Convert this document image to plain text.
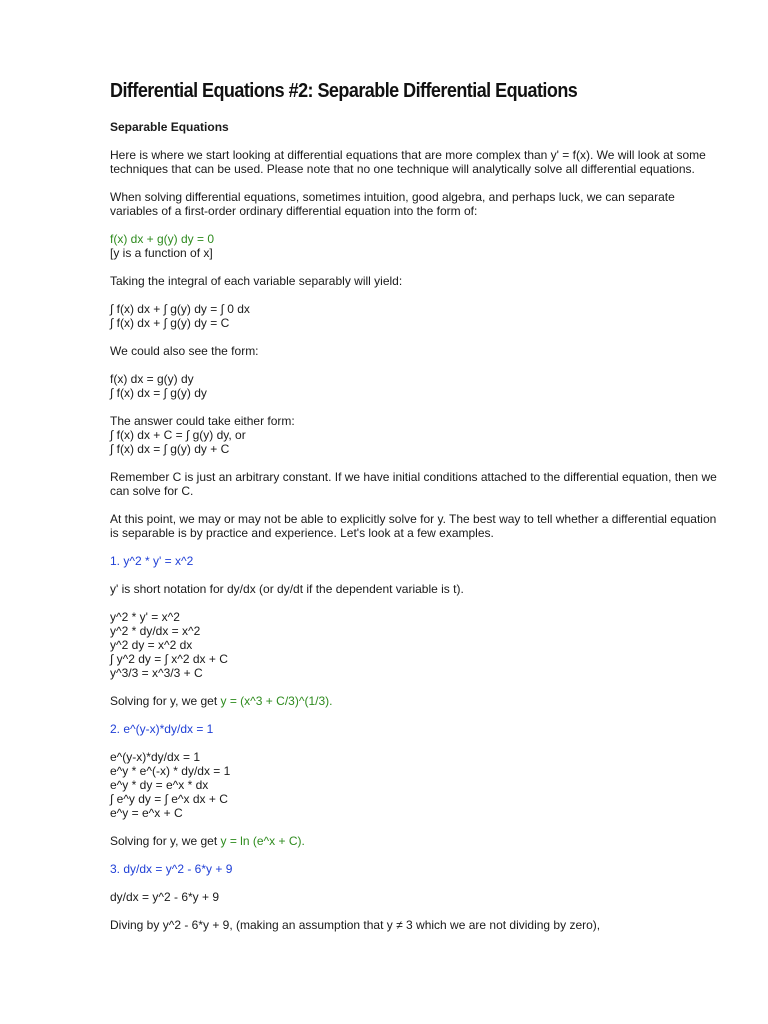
Differential Equations #2: Separable Differential Equations
Separable Equations

Here is where we start looking at differential equations that are more complex than y' = f(x). We will look at some techniques that can be used. Please note that no one technique will analytically solve all differential equations.

When solving differential equations, sometimes intuition, good algebra, and perhaps luck, we can separate variables of a first-order ordinary differential equation into the form of:

f(x) dx + g(y) dy = 0
[y is a function of x]

Taking the integral of each variable separably will yield:

∫ f(x) dx + ∫ g(y) dy = ∫ 0 dx
∫ f(x) dx + ∫ g(y) dy = C

We could also see the form:

f(x) dx = g(y) dy
∫ f(x) dx = ∫ g(y) dy
The answer could take either form:
∫ f(x) dx + C = ∫ g(y) dy, or
∫ f(x) dx = ∫ g(y) dy + C

Remember C is just an arbitrary constant. If we have initial conditions attached to the differential equation, then we can solve for C.

At this point, we may or may not be able to explicitly solve for y. The best way to tell whether a differential equation is separable is by practice and experience. Let's look at a few examples.

1. y^2 * y' = x^2

y' is short notation for dy/dx (or dy/dt if the dependent variable is t).

y^2 * y' = x^2
y^2 * dy/dx = x^2
y^2 dy = x^2 dx
∫ y^2 dy = ∫ x^2 dx + C
y^3/3 = x^3/3 + C

Solving for y, we get y = (x^3 + C/3)^(1/3).

2. e^(y-x)*dy/dx = 1

e^(y-x)*dy/dx = 1
e^y * e^(-x) * dy/dx = 1
e^y * dy = e^x * dx
∫ e^y dy = ∫ e^x dx + C
e^y = e^x + C

Solving for y, we get y = ln (e^x + C).

3. dy/dx = y^2 - 6*y + 9

dy/dx = y^2 - 6*y + 9

Diving by y^2 - 6*y + 9, (making an assumption that y ≠ 3 which we are not dividing by zero),
